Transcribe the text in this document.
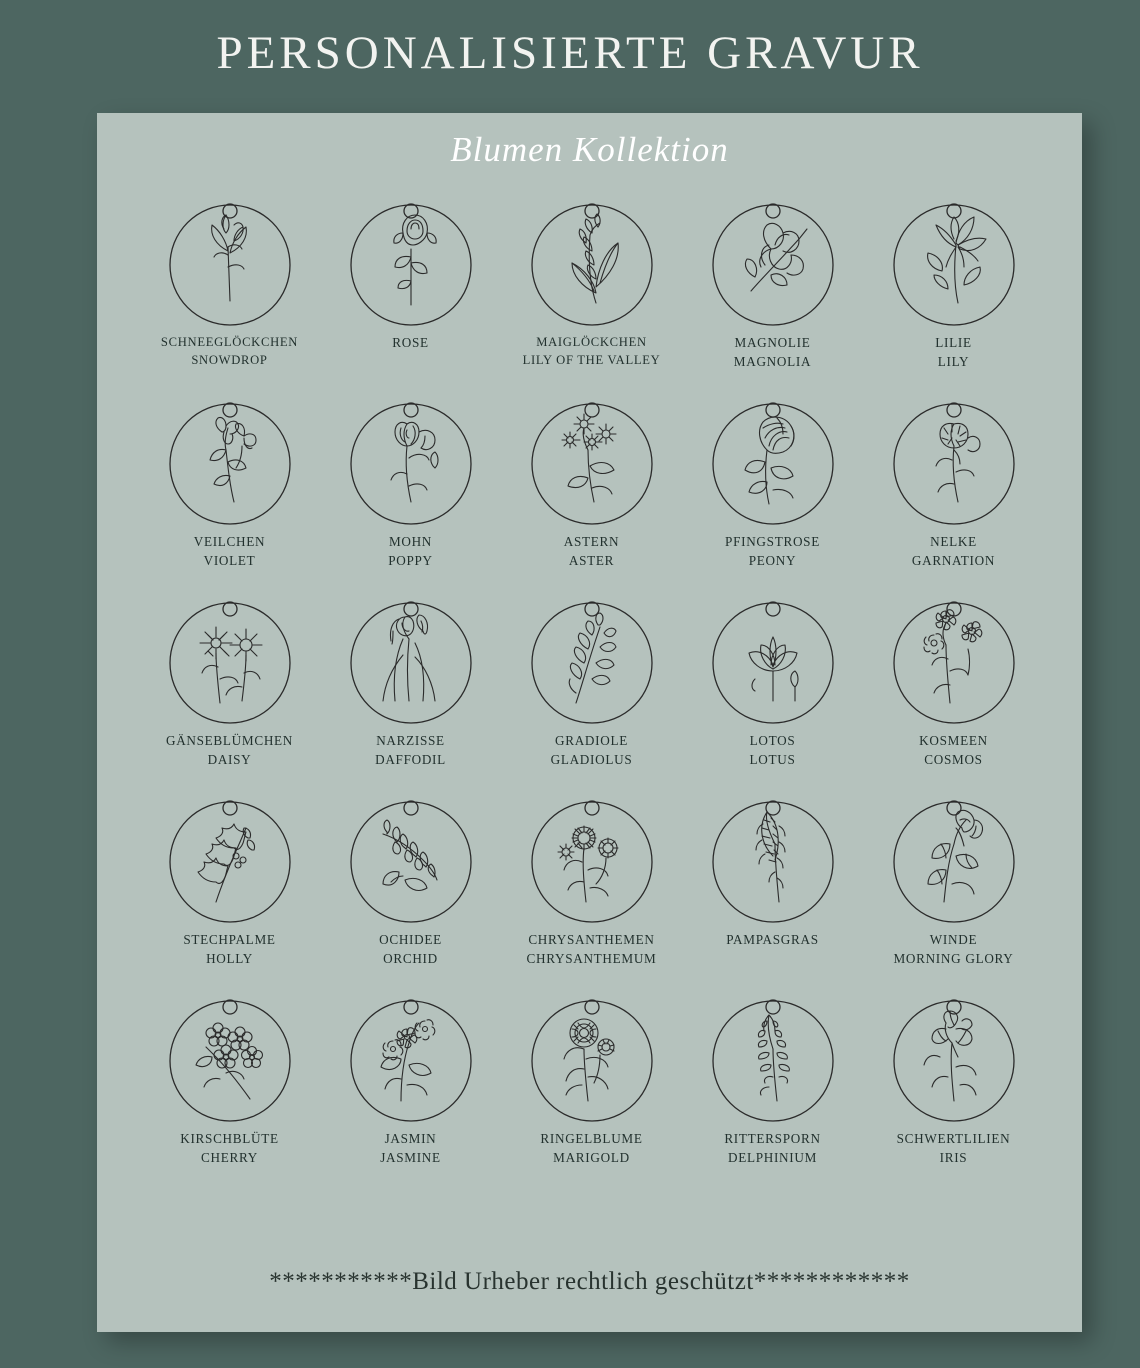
PERSONALISIERTE GRAVUR
Blumen Kollektion
SCHNEEGLÖCKCHEN
SNOWDROP
ROSE	MAIGLÖCKCHEN
LILY OF THE VALLEY
MAGNOLIE
MAGNOLIA
LILIE
LILY
VEILCHEN
VIOLET
MOHN
POPPY
ASTERN
ASTER
PFINGSTROSE
PEONY
NELKE
GARNATION
GÄNSEBLÜMCHEN
DAISY
NARZISSE
DAFFODIL
GRADIOLE
GLADIOLUS
LOTOS
LOTUS
KOSMEEN
COSMOS
STECHPALME
HOLLY
OCHIDEE
ORCHID
CHRYSANTHEMEN
CHRYSANTHEMUM
PAMPASGRAS	WINDE
MORNING GLORY
KIRSCHBLÜTE
CHERRY
JASMIN
JASMINE
RINGELBLUME
MARIGOLD
RITTERSPORN
DELPHINIUM
SCHWERTLILIEN
IRIS
***********Bild Urheber rechtlich geschützt************
